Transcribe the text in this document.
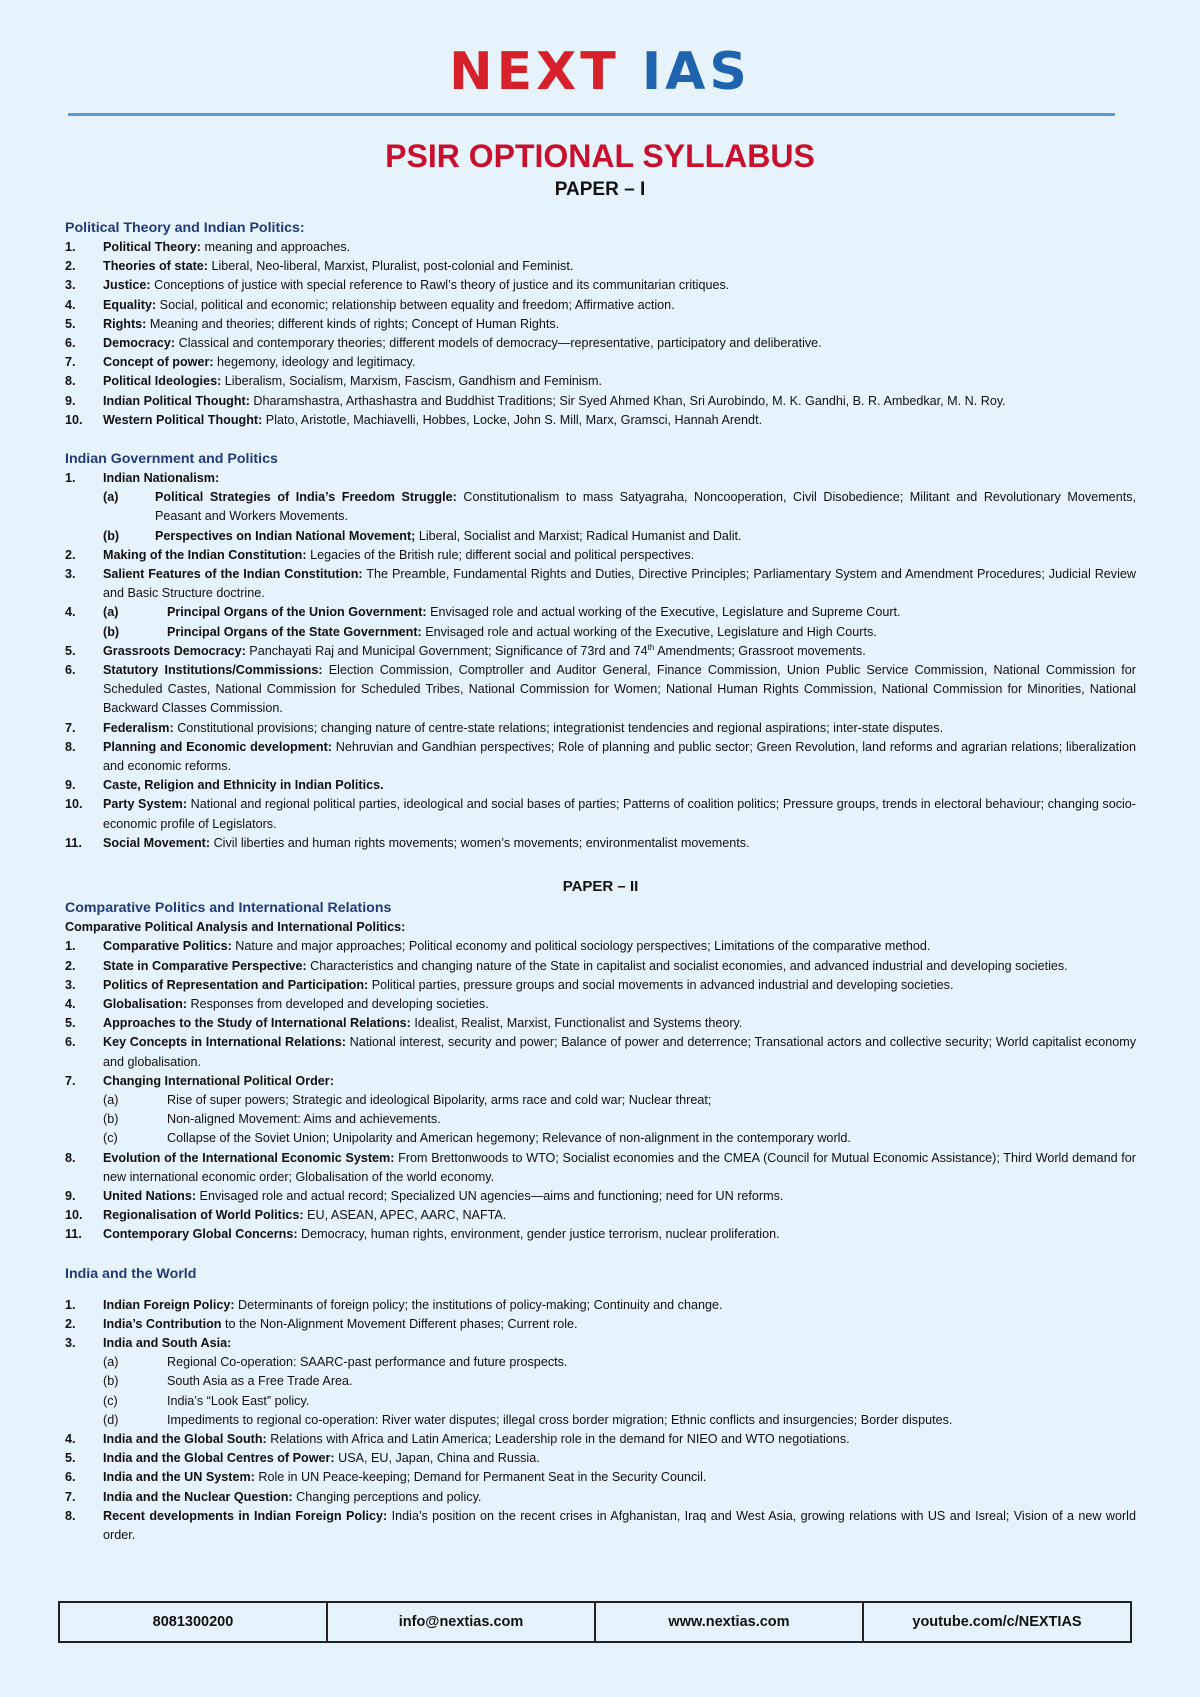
NEXT IAS
PSIR OPTIONAL SYLLABUS
PAPER – I
Political Theory and Indian Politics:
1. Political Theory: meaning and approaches.
2. Theories of state: Liberal, Neo-liberal, Marxist, Pluralist, post-colonial and Feminist.
3. Justice: Conceptions of justice with special reference to Rawl’s theory of justice and its communitarian critiques.
4. Equality: Social, political and economic; relationship between equality and freedom; Affirmative action.
5. Rights: Meaning and theories; different kinds of rights; Concept of Human Rights.
6. Democracy: Classical and contemporary theories; different models of democracy—representative, participatory and deliberative.
7. Concept of power: hegemony, ideology and legitimacy.
8. Political Ideologies: Liberalism, Socialism, Marxism, Fascism, Gandhism and Feminism.
9. Indian Political Thought: Dharamshastra, Arthashastra and Buddhist Traditions; Sir Syed Ahmed Khan, Sri Aurobindo, M. K. Gandhi, B. R. Ambedkar, M. N. Roy.
10. Western Political Thought: Plato, Aristotle, Machiavelli, Hobbes, Locke, John S. Mill, Marx, Gramsci, Hannah Arendt.
Indian Government and Politics
1. Indian Nationalism:
(a)	Political Strategies of India’s Freedom Struggle: Constitutionalism to mass Satyagraha, Noncooperation, Civil Disobedience; Militant and Revolutionary Movements, Peasant and Workers Movements.
(b)	Perspectives on Indian National Movement; Liberal, Socialist and Marxist; Radical Humanist and Dalit.
2. Making of the Indian Constitution: Legacies of the British rule; different social and political perspectives.
3. Salient Features of the Indian Constitution: The Preamble, Fundamental Rights and Duties, Directive Principles; Parliamentary System and Amendment Procedures; Judicial Review and Basic Structure doctrine.
4. (a)	Principal Organs of the Union Government: Envisaged role and actual working of the Executive, Legislature and Supreme Court.
(b)	Principal Organs of the State Government: Envisaged role and actual working of the Executive, Legislature and High Courts.
5. Grassroots Democracy: Panchayati Raj and Municipal Government; Significance of 73rd and 74th Amendments; Grassroot movements.
6. Statutory Institutions/Commissions: Election Commission, Comptroller and Auditor General, Finance Commission, Union Public Service Commission, National Commission for Scheduled Castes, National Commission for Scheduled Tribes, National Commission for Women; National Human Rights Commission, National Commission for Minorities, National Backward Classes Commission.
7. Federalism: Constitutional provisions; changing nature of centre-state relations; integrationist tendencies and regional aspirations; inter-state disputes.
8. Planning and Economic development: Nehruvian and Gandhian perspectives; Role of planning and public sector; Green Revolution, land reforms and agrarian relations; liberalization and economic reforms.
9. Caste, Religion and Ethnicity in Indian Politics.
10. Party System: National and regional political parties, ideological and social bases of parties; Patterns of coalition politics; Pressure groups, trends in electoral behaviour; changing socio-economic profile of Legislators.
11. Social Movement: Civil liberties and human rights movements; women’s movements; environmentalist movements.
PAPER – II
Comparative Politics and International Relations
Comparative Political Analysis and International Politics:
1. Comparative Politics: Nature and major approaches; Political economy and political sociology perspectives; Limitations of the comparative method.
2. State in Comparative Perspective: Characteristics and changing nature of the State in capitalist and socialist economies, and advanced industrial and developing societies.
3. Politics of Representation and Participation: Political parties, pressure groups and social movements in advanced industrial and developing societies.
4. Globalisation: Responses from developed and developing societies.
5. Approaches to the Study of International Relations: Idealist, Realist, Marxist, Functionalist and Systems theory.
6. Key Concepts in International Relations: National interest, security and power; Balance of power and deterrence; Transational actors and collective security; World capitalist economy and globalisation.
7. Changing International Political Order:
(a)	Rise of super powers; Strategic and ideological Bipolarity, arms race and cold war; Nuclear threat;
(b)	Non-aligned Movement: Aims and achievements.
(c)	Collapse of the Soviet Union; Unipolarity and American hegemony; Relevance of non-alignment in the contemporary world.
8. Evolution of the International Economic System: From Brettonwoods to WTO; Socialist economies and the CMEA (Council for Mutual Economic Assistance); Third World demand for new international economic order; Globalisation of the world economy.
9. United Nations: Envisaged role and actual record; Specialized UN agencies—aims and functioning; need for UN reforms.
10. Regionalisation of World Politics: EU, ASEAN, APEC, AARC, NAFTA.
11. Contemporary Global Concerns: Democracy, human rights, environment, gender justice terrorism, nuclear proliferation.
India and the World
1. Indian Foreign Policy: Determinants of foreign policy; the institutions of policy-making; Continuity and change.
2. India’s Contribution to the Non-Alignment Movement Different phases; Current role.
3. India and South Asia:
(a)	Regional Co-operation: SAARC-past performance and future prospects.
(b)	South Asia as a Free Trade Area.
(c)	India’s “Look East” policy.
(d)	Impediments to regional co-operation: River water disputes; illegal cross border migration; Ethnic conflicts and insurgencies; Border disputes.
4. India and the Global South: Relations with Africa and Latin America; Leadership role in the demand for NIEO and WTO negotiations.
5. India and the Global Centres of Power: USA, EU, Japan, China and Russia.
6. India and the UN System: Role in UN Peace-keeping; Demand for Permanent Seat in the Security Council.
7. India and the Nuclear Question: Changing perceptions and policy.
8. Recent developments in Indian Foreign Policy: India’s position on the recent crises in Afghanistan, Iraq and West Asia, growing relations with US and Isreal; Vision of a new world order.
8081300200	info@nextias.com	www.nextias.com	youtube.com/c/NEXTIAS
